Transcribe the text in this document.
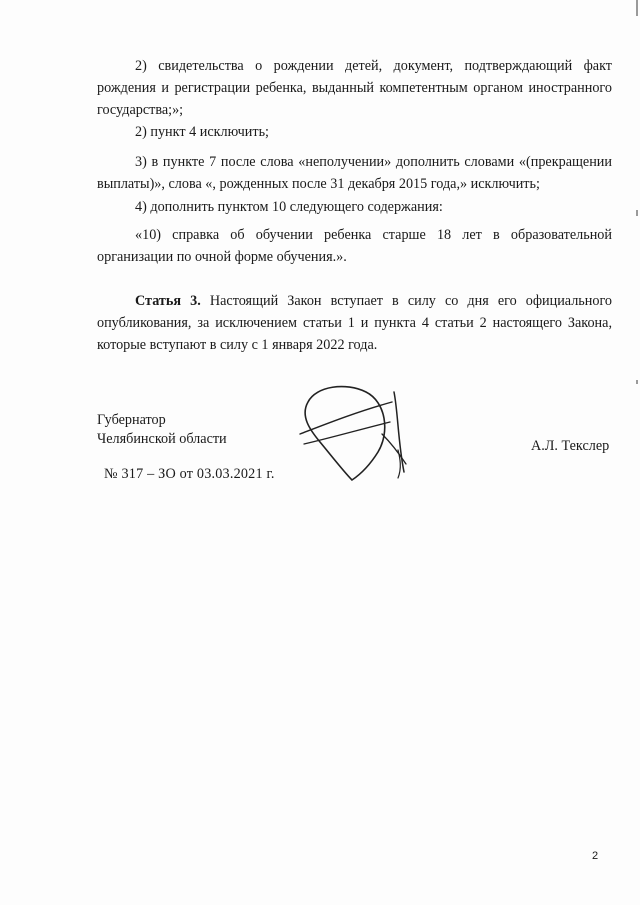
2) свидетельства о рождении детей, документ, подтверждающий факт рождения и регистрации ребенка, выданный компетентным органом иностранного государства;»;

2) пункт 4 исключить;

3) в пункте 7 после слова «неполучении» дополнить словами «(прекращении выплаты)», слова «, рожденных после 31 декабря 2015 года,» исключить;

4) дополнить пунктом 10 следующего содержания:

«10) справка об обучении ребенка старше 18 лет в образовательной организации по очной форме обучения.».

Статья 3. Настоящий Закон вступает в силу со дня его официального опубликования, за исключением статьи 1 и пункта 4 статьи 2 настоящего Закона, которые вступают в силу с 1 января 2022 года.

Губернатор

Челябинской области	А.Л. Текслер

№ 317 – ЗО от 03.03.2021 г.

2
